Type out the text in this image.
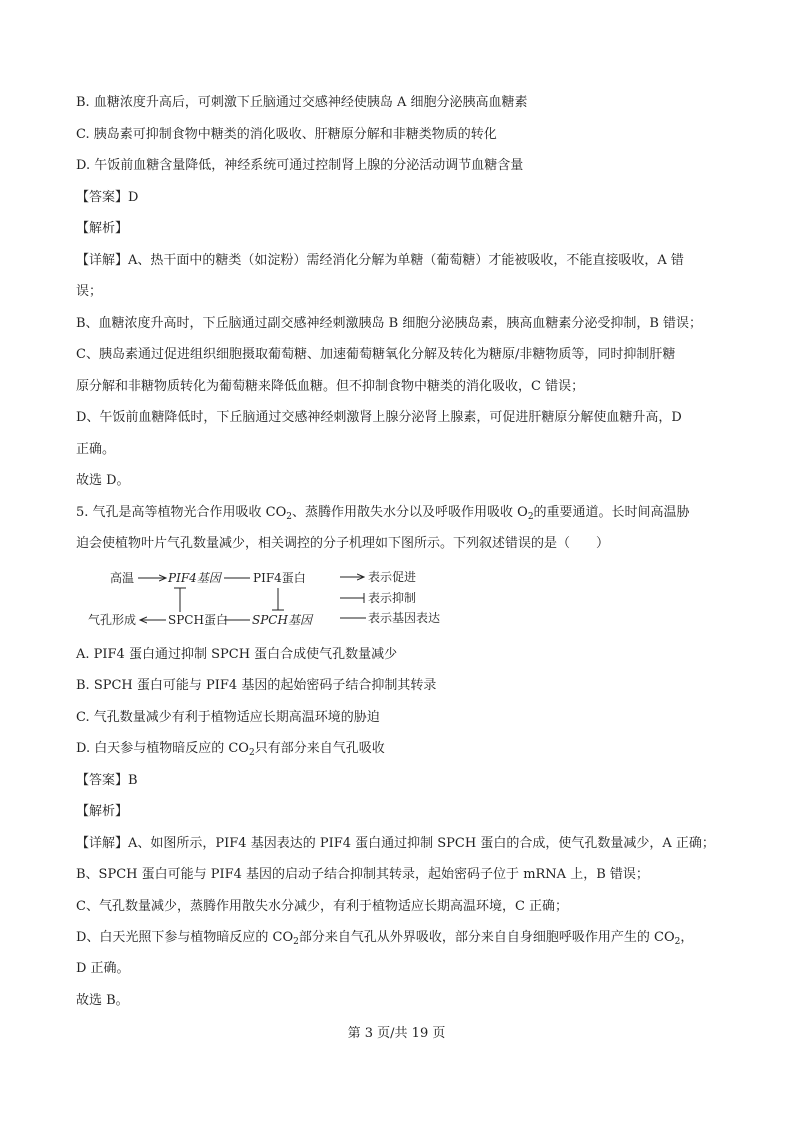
B. 血糖浓度升高后，可刺激下丘脑通过交感神经使胰岛 A 细胞分泌胰高血糖素
C. 胰岛素可抑制食物中糖类的消化吸收、肝糖原分解和非糖类物质的转化
D. 午饭前血糖含量降低，神经系统可通过控制肾上腺的分泌活动调节血糖含量
【答案】D
【解析】
【详解】A、热干面中的糖类（如淀粉）需经消化分解为单糖（葡萄糖）才能被吸收，不能直接吸收，A 错
误；
B、血糖浓度升高时，下丘脑通过副交感神经刺激胰岛 B 细胞分泌胰岛素，胰高血糖素分泌受抑制，B 错误；
C、胰岛素通过促进组织细胞摄取葡萄糖、加速葡萄糖氧化分解及转化为糖原/非糖物质等，同时抑制肝糖
原分解和非糖物质转化为葡萄糖来降低血糖。但不抑制食物中糖类的消化吸收，C 错误；
D、午饭前血糖降低时，下丘脑通过交感神经刺激肾上腺分泌肾上腺素，可促进肝糖原分解使血糖升高，D
正确。
故选 D。
5. 气孔是高等植物光合作用吸收 $CO_2$、蒸腾作用散失水分以及呼吸作用吸收 $O_2$的重要通道。长时间高温胁
迫会使植物叶片气孔数量减少，相关调控的分子机理如下图所示。下列叙述错误的是（　　）
高温	PIF4基因	PIF4蛋白
气孔形成	SPCH蛋白 SPCH基因
表示促进
表示抑制
表示基因表达
A. PIF4 蛋白通过抑制 SPCH 蛋白合成使气孔数量减少
B. SPCH 蛋白可能与 PIF4 基因的起始密码子结合抑制其转录
C. 气孔数量减少有利于植物适应长期高温环境的胁迫
D. 白天参与植物暗反应的 $CO_2$只有部分来自气孔吸收
【答案】B
【解析】
【详解】A、如图所示，PIF4 基因表达的 PIF4 蛋白通过抑制 SPCH 蛋白的合成，使气孔数量减少，A 正确；
B、SPCH 蛋白可能与 PIF4 基因的启动子结合抑制其转录，起始密码子位于 mRNA 上，B 错误；
C、气孔数量减少，蒸腾作用散失水分减少，有利于植物适应长期高温环境，C 正确；
D、白天光照下参与植物暗反应的 $CO_2$部分来自气孔从外界吸收，部分来自自身细胞呼吸作用产生的 $CO_2$，
D 正确。
故选 B。
第 3 页/共 19 页
